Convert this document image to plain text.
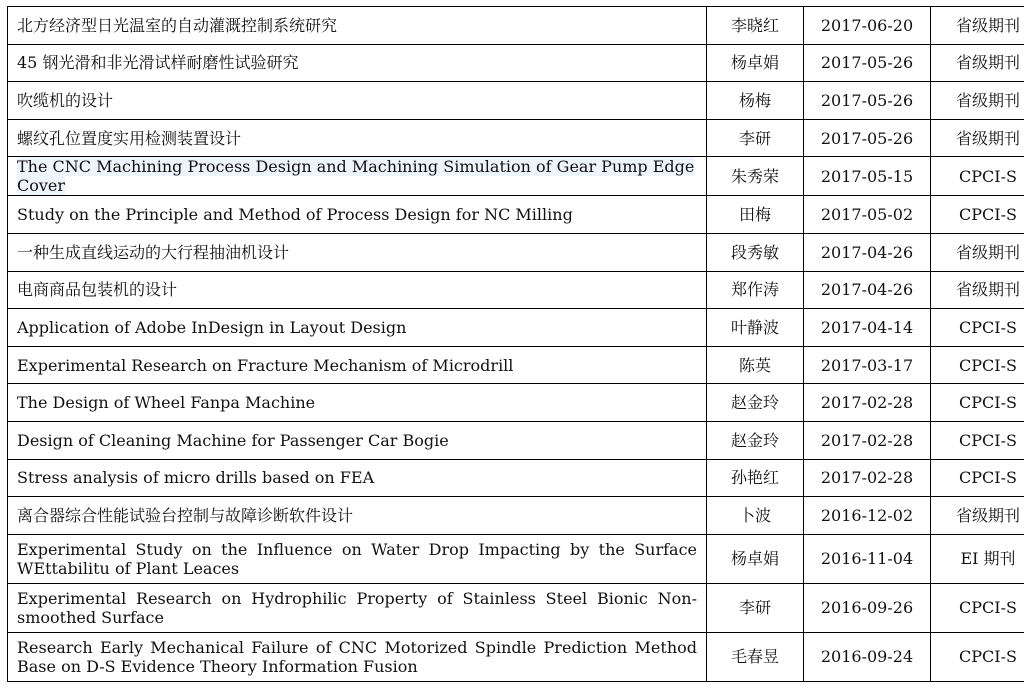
北方经济型日光温室的自动灌溉控制系统研究	李晓红	2017-06-20	省级期刊
45 钢光滑和非光滑试样耐磨性试验研究	杨卓娟	2017-05-26	省级期刊
吹缆机的设计	杨梅	2017-05-26	省级期刊
螺纹孔位置度实用检测装置设计	李研	2017-05-26	省级期刊
The CNC Machining Process Design and Machining Simulation of Gear Pump Edge Cover	朱秀荣	2017-05-15	CPCI-S
Study on the Principle and Method of Process Design for NC Milling	田梅	2017-05-02	CPCI-S
一种生成直线运动的大行程抽油机设计	段秀敏	2017-04-26	省级期刊
电商商品包装机的设计	郑作涛	2017-04-26	省级期刊
Application of Adobe InDesign in Layout Design	叶静波	2017-04-14	CPCI-S
Experimental Research on Fracture Mechanism of Microdrill	陈英	2017-03-17	CPCI-S
The Design of Wheel Fanpa Machine	赵金玲	2017-02-28	CPCI-S
Design of Cleaning Machine for Passenger Car Bogie	赵金玲	2017-02-28	CPCI-S
Stress analysis of micro drills based on FEA	孙艳红	2017-02-28	CPCI-S
离合器综合性能试验台控制与故障诊断软件设计	卜波	2016-12-02	省级期刊
Experimental Study on the Influence on Water Drop Impacting by the Surface WEttabilitu of Plant Leaces	杨卓娟	2016-11-04	EI 期刊
Experimental Research on Hydrophilic Property of Stainless Steel Bionic Non-smoothed Surface	李研	2016-09-26	CPCI-S
Research Early Mechanical Failure of CNC Motorized Spindle Prediction Method Base on D-S Evidence Theory Information Fusion	毛春昱	2016-09-24	CPCI-S
